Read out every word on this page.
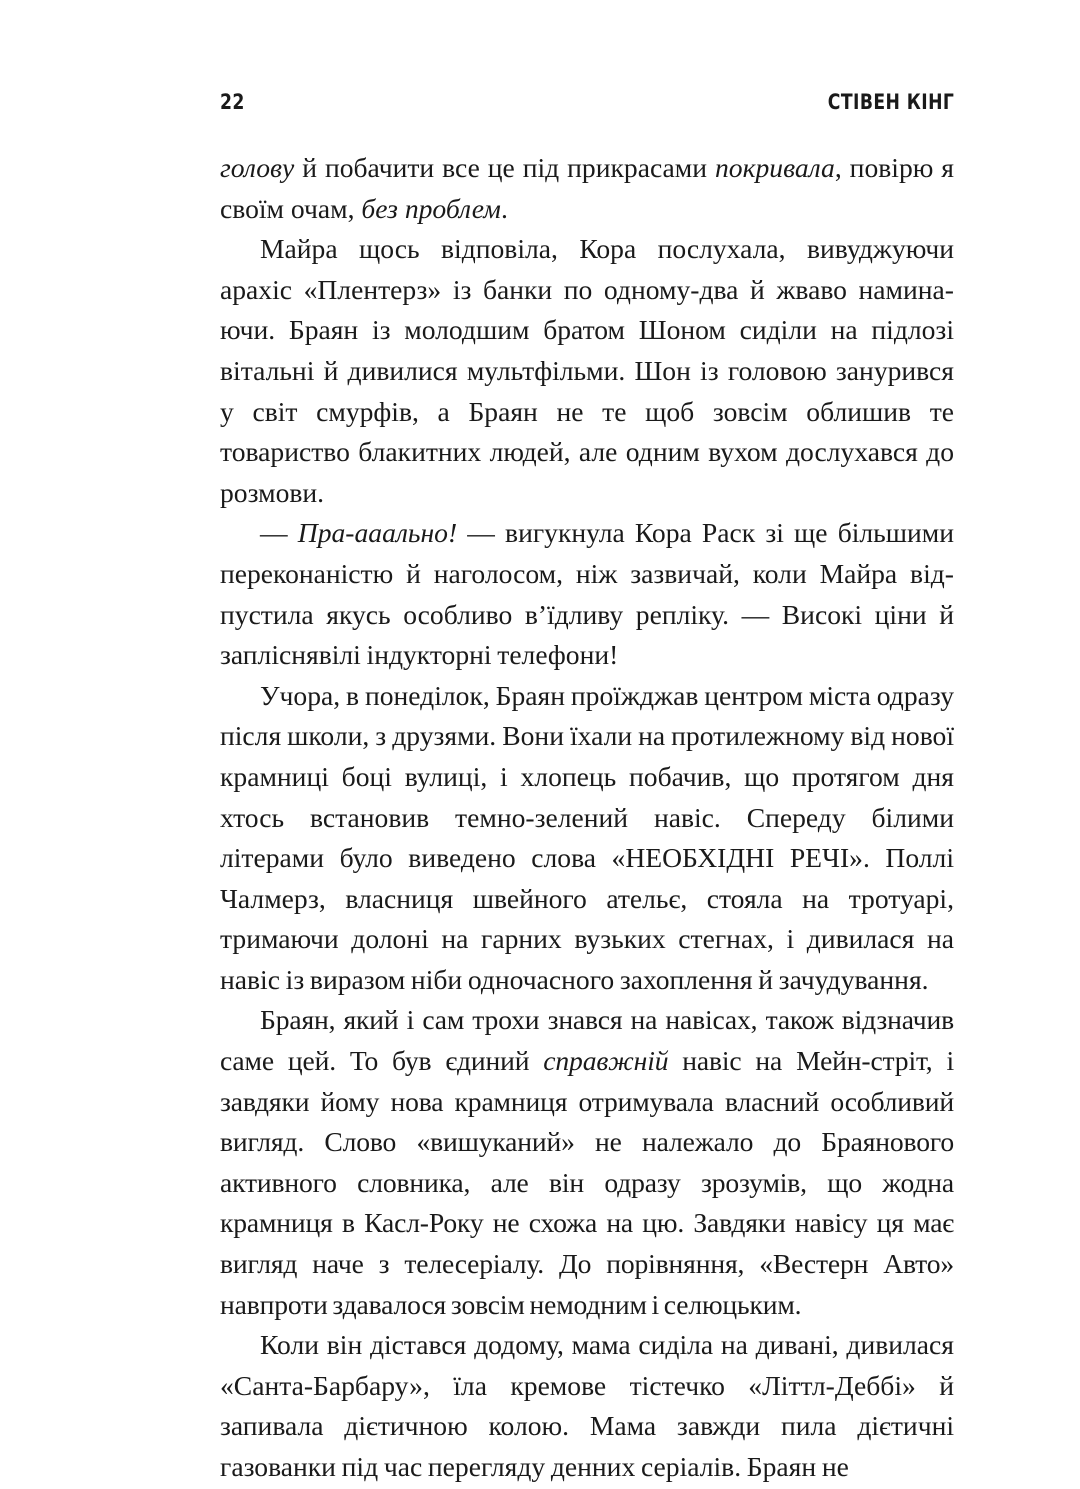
22	СТІВЕН КІНГ

голову й побачити все це під прикрасами покривала, повірю я своїм очам, без проблем.

Майра щось відповіла, Кора послухала, вивуджуючи арахіс «Плентерз» із банки по одному-два й жваво наминаючи. Браян із молодшим братом Шоном сиділи на підлозі вітальні й дивилися мультфільми. Шон із головою занурився у світ смурфів, а Браян не те щоб зовсім облишив те товариство блакитних людей, але одним вухом дослухався до розмови.

— Пра-ааально! — вигукнула Кора Раск зі ще більшими переконаністю й наголосом, ніж зазвичай, коли Майра відпустила якусь особливо в’їдливу репліку. — Високі ціни й запліснявілі індукторні телефони!

Учора, в понеділок, Браян проїжджав центром міста одразу після школи, з друзями. Вони їхали на протилежному від нової крамниці боці вулиці, і хлопець побачив, що протягом дня хтось встановив темно-зелений навіс. Спереду білими літерами було виведено слова «НЕОБХІДНІ РЕЧІ». Поллі Чалмерз, власниця швейного ательє, стояла на тротуарі, тримаючи долоні на гарних вузьких стегнах, і дивилася на навіс із виразом ніби одночасного захоплення й зачудування.

Браян, який і сам трохи знався на навісах, також відзначив саме цей. То був єдиний справжній навіс на Мейн-стріт, і завдяки йому нова крамниця отримувала власний особливий вигляд. Слово «вишуканий» не належало до Браянового активного словника, але він одразу зрозумів, що жодна крамниця в Касл-Року не схожа на цю. Завдяки навісу ця має вигляд наче з телесеріалу. До порівняння, «Вестерн Авто» навпроти здавалося зовсім немодним і селюцьким.

Коли він дістався додому, мама сиділа на дивані, дивилася «Санта-Барбару», їла кремове тістечко «Літтл-Деббі» й запивала дієтичною колою. Мама завжди пила дієтичні газованки під час перегляду денних серіалів. Браян не
